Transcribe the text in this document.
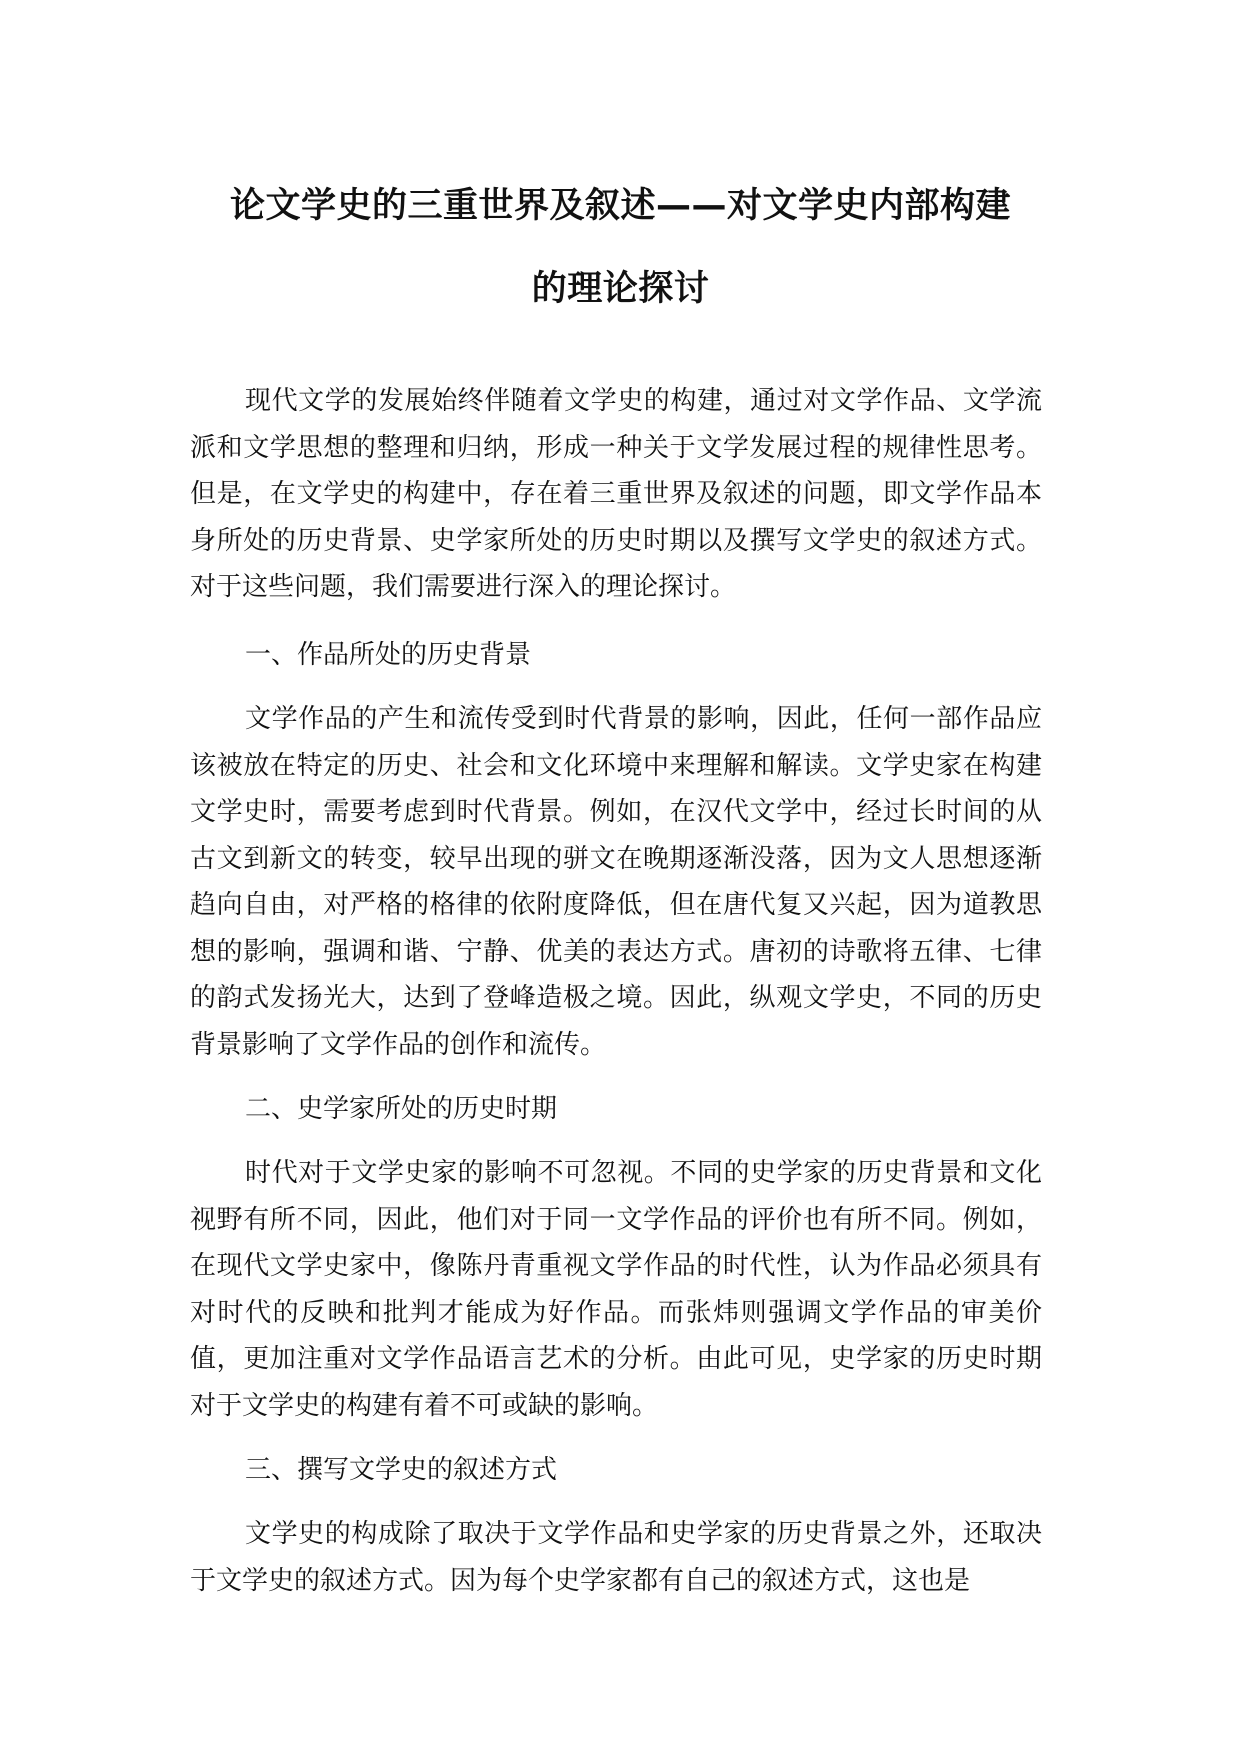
论文学史的三重世界及叙述——对文学史内部构建
的理论探讨

现代文学的发展始终伴随着文学史的构建，通过对文学作品、文学流派和文学思想的整理和归纳，形成一种关于文学发展过程的规律性思考。但是，在文学史的构建中，存在着三重世界及叙述的问题，即文学作品本身所处的历史背景、史学家所处的历史时期以及撰写文学史的叙述方式。对于这些问题，我们需要进行深入的理论探讨。

一、作品所处的历史背景

文学作品的产生和流传受到时代背景的影响，因此，任何一部作品应该被放在特定的历史、社会和文化环境中来理解和解读。文学史家在构建文学史时，需要考虑到时代背景。例如，在汉代文学中，经过长时间的从古文到新文的转变，较早出现的骈文在晚期逐渐没落，因为文人思想逐渐趋向自由，对严格的格律的依附度降低，但在唐代复又兴起，因为道教思想的影响，强调和谐、宁静、优美的表达方式。唐初的诗歌将五律、七律的韵式发扬光大，达到了登峰造极之境。因此，纵观文学史，不同的历史背景影响了文学作品的创作和流传。

二、史学家所处的历史时期

时代对于文学史家的影响不可忽视。不同的史学家的历史背景和文化视野有所不同，因此，他们对于同一文学作品的评价也有所不同。例如，在现代文学史家中，像陈丹青重视文学作品的时代性，认为作品必须具有对时代的反映和批判才能成为好作品。而张炜则强调文学作品的审美价值，更加注重对文学作品语言艺术的分析。由此可见，史学家的历史时期对于文学史的构建有着不可或缺的影响。

三、撰写文学史的叙述方式

文学史的构成除了取决于文学作品和史学家的历史背景之外，还取决于文学史的叙述方式。因为每个史学家都有自己的叙述方式，这也是
